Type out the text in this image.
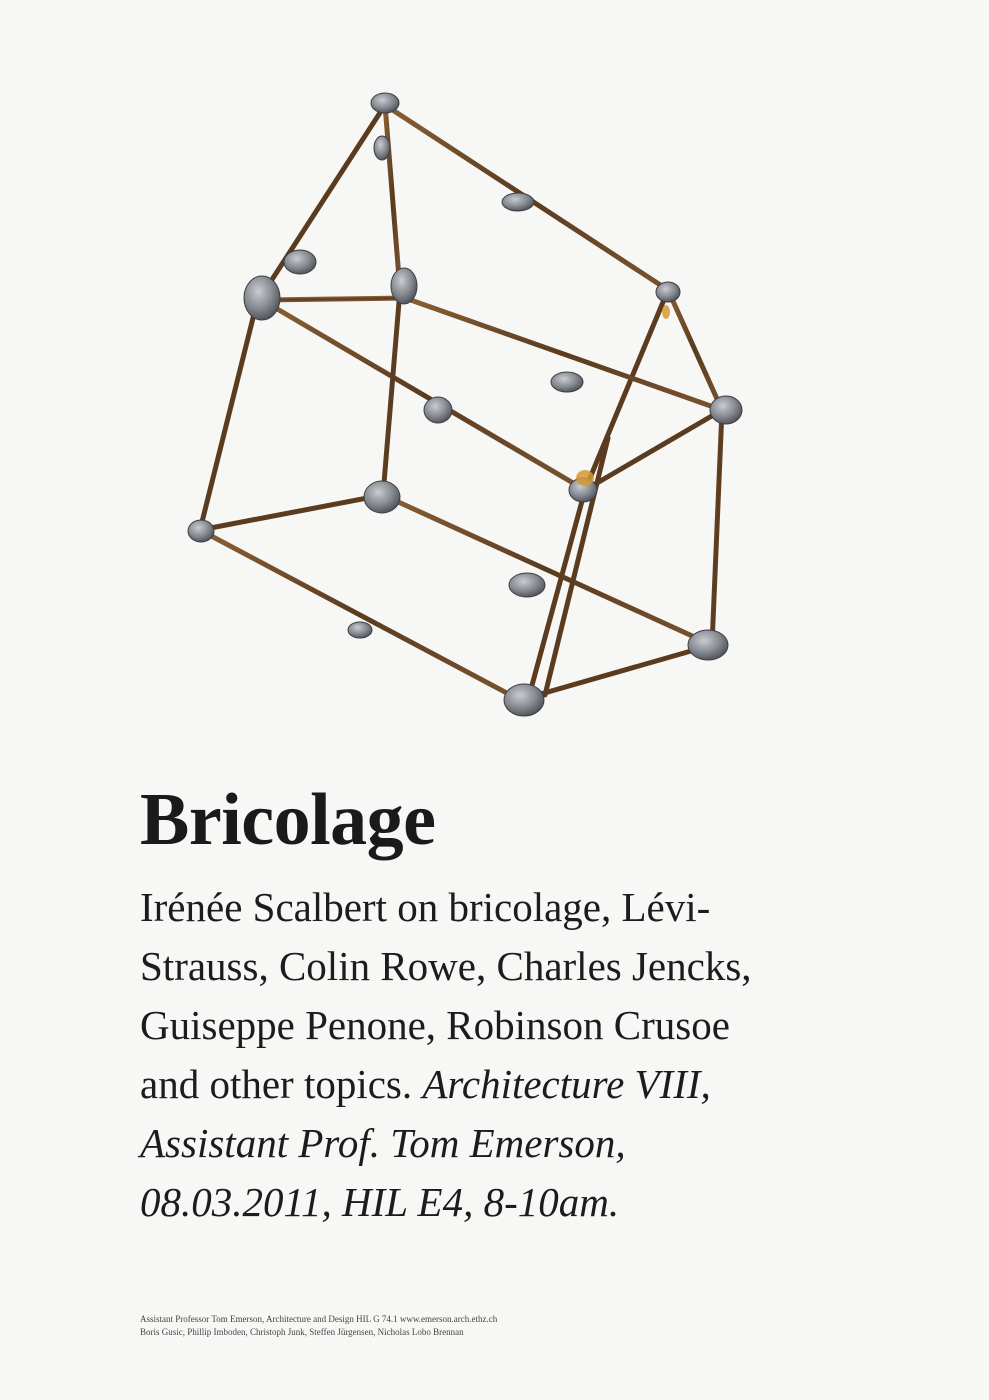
Bricolage

Irénée Scalbert on bricolage, Lévi-
Strauss, Colin Rowe, Charles Jencks,
Guiseppe Penone, Robinson Crusoe
and other topics. Architecture VIII,
Assistant Prof. Tom Emerson,
08.03.2011, HIL E4, 8-10am.

Assistant Professor Tom Emerson, Architecture and Design HIL G 74.1 www.emerson.arch.ethz.ch
Boris Gusic, Phillip Imboden, Christoph Junk, Steffen Jürgensen, Nicholas Lobo Brennan
